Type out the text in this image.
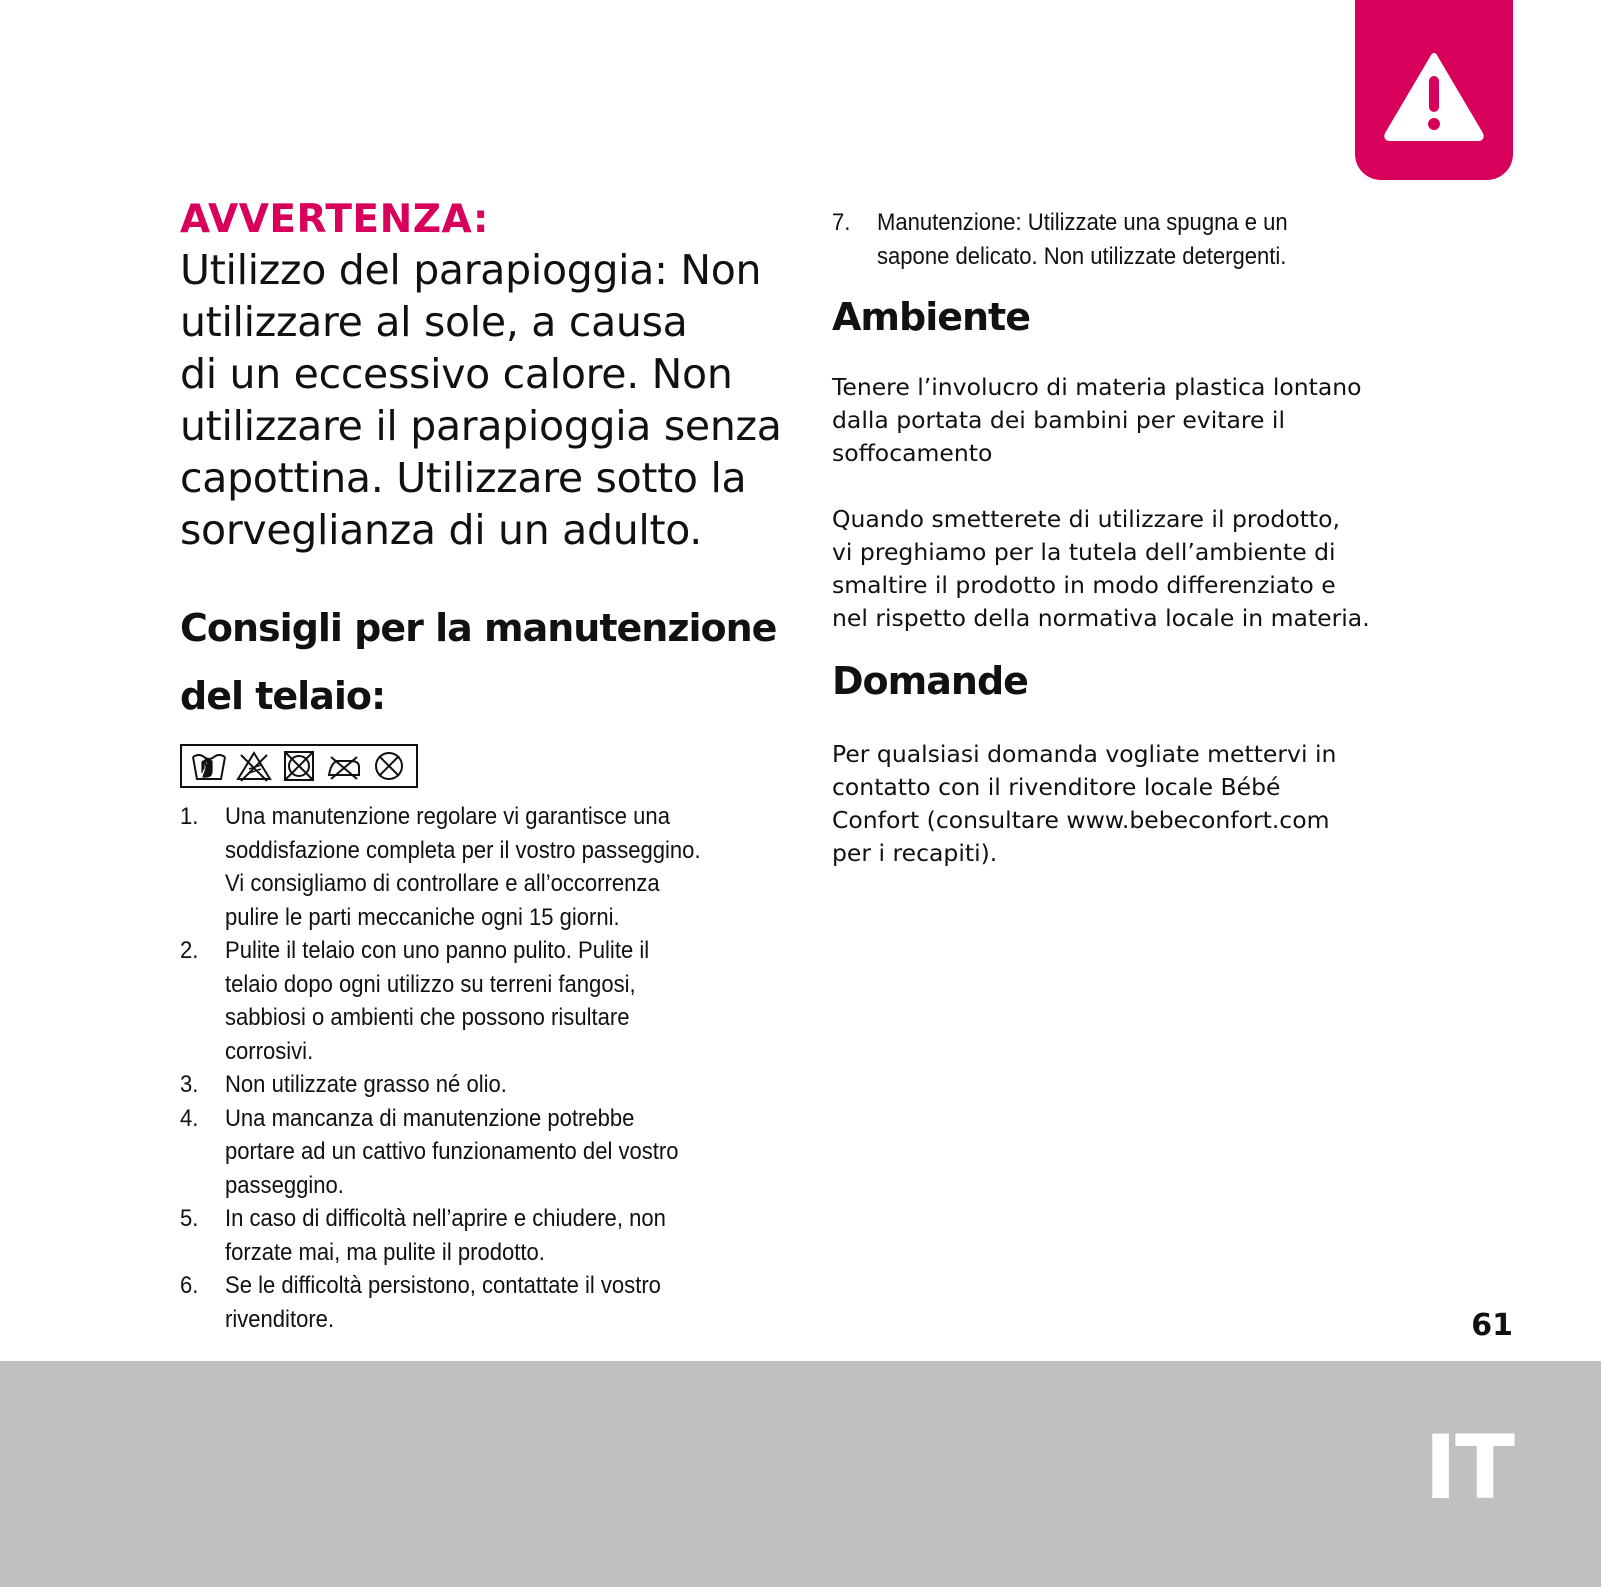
AVVERTENZA:

Utilizzo del parapioggia: Non
utilizzare al sole, a causa
di un eccessivo calore. Non
utilizzare il parapioggia senza
capottina. Utilizzare sotto la
sorveglianza di un adulto.

Consigli per la manutenzione
del telaio:
1.	Una manutenzione regolare vi garantisce una
soddisfazione completa per il vostro passeggino.
Vi consigliamo di controllare e all’occorrenza
pulire le parti meccaniche ogni 15 giorni.
2.	Pulite il telaio con uno panno pulito. Pulite il
telaio dopo ogni utilizzo su terreni fangosi,
sabbiosi o ambienti che possono risultare
corrosivi.
3.	Non utilizzate grasso né olio.
4.	Una mancanza di manutenzione potrebbe
portare ad un cattivo funzionamento del vostro
passeggino.
5.	In caso di difficoltà nell’aprire e chiudere, non
forzate mai, ma pulite il prodotto.
6.	Se le difficoltà persistono, contattate il vostro
rivenditore.
7.	Manutenzione: Utilizzate una spugna e un
sapone delicato. Non utilizzate detergenti.
Ambiente

Tenere l’involucro di materia plastica lontano
dalla portata dei bambini per evitare il
soffocamento

Quando smetterete di utilizzare il prodotto,
vi preghiamo per la tutela dell’ambiente di
smaltire il prodotto in modo differenziato e
nel rispetto della normativa locale in materia.

Domande

Per qualsiasi domanda vogliate mettervi in
contatto con il rivenditore locale Bébé
Confort (consultare www.bebeconfort.com
per i recapiti).

61
IT
